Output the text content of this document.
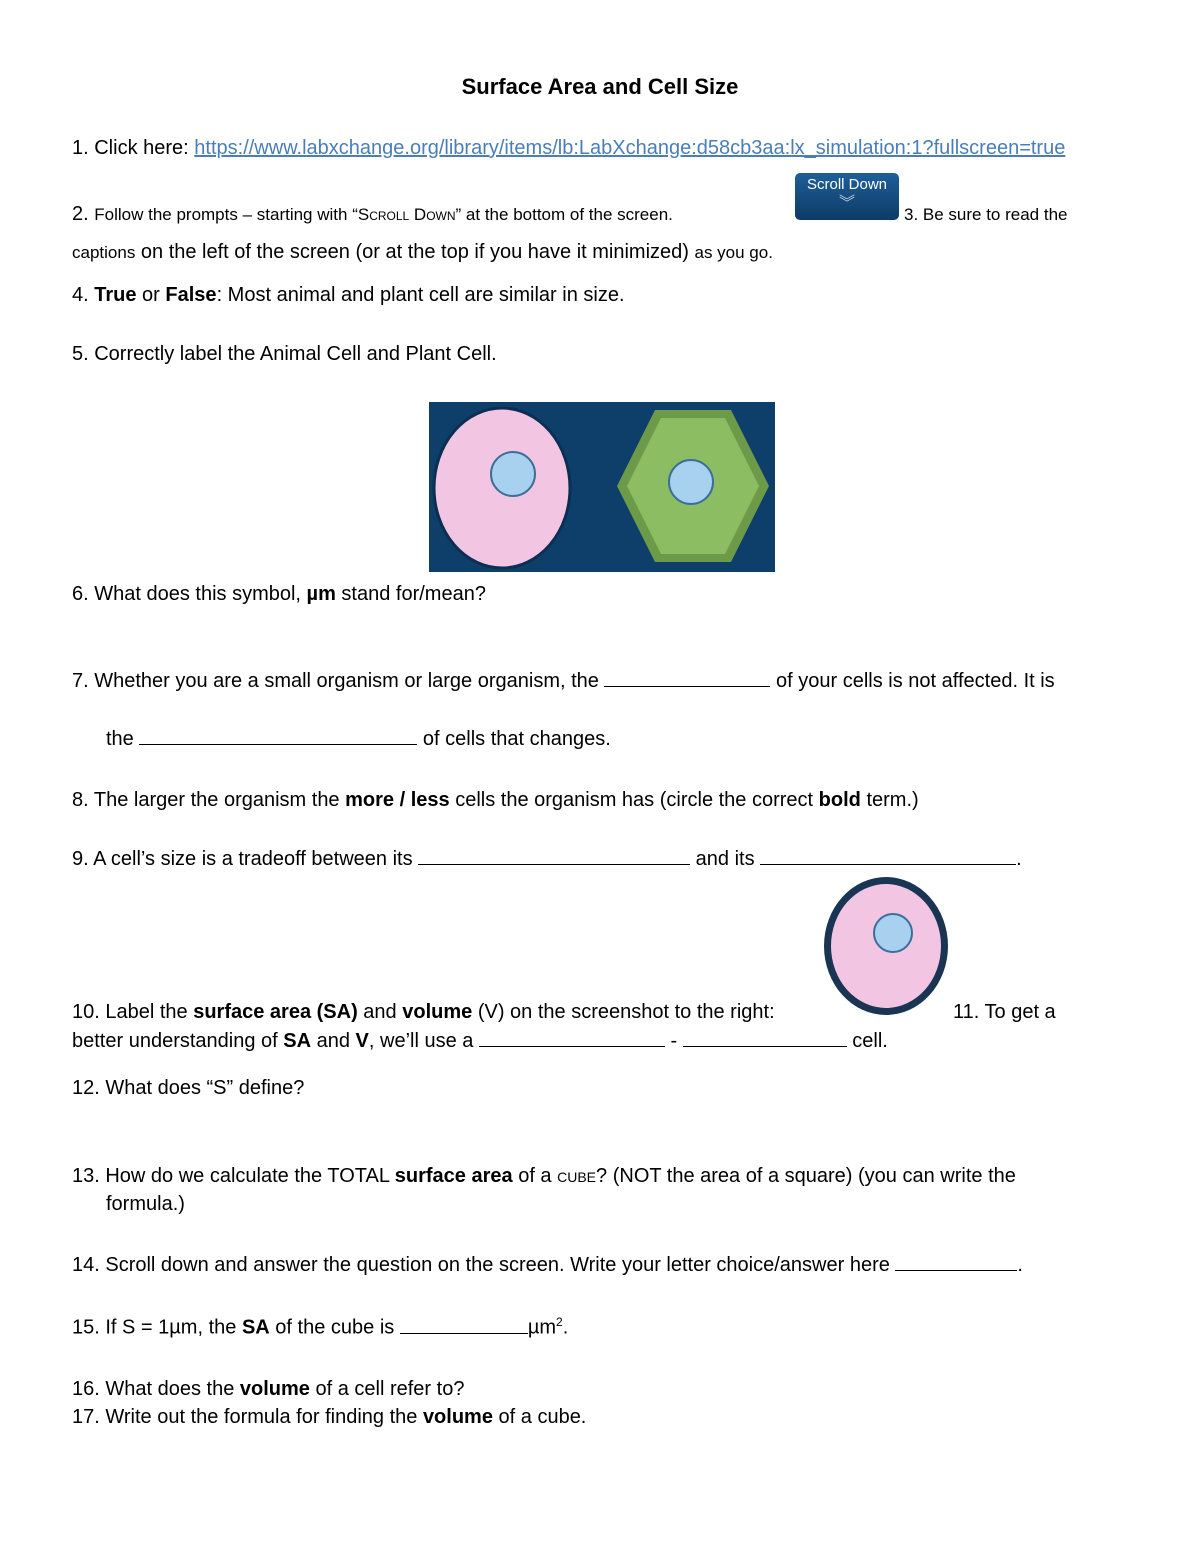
Surface Area and Cell Size
1. Click here: https://www.labxchange.org/library/items/lb:LabXchange:d58cb3aa:lx_simulation:1?fullscreen=true
2. Follow the prompts – starting with “Scroll Down” at the bottom of the screen.
Scroll Down
︾
3. Be sure to read the
captions on the left of the screen (or at the top if you have it minimized) as you go.
4. True or False: Most animal and plant cell are similar in size.
5. Correctly label the Animal Cell and Plant Cell.
6. What does this symbol, µm stand for/mean?
7. Whether you are a small organism or large organism, the	of your cells is not affected. It is
the	of cells that changes.
8. The larger the organism the more / less cells the organism has (circle the correct bold term.)
9. A cell’s size is a tradeoff between its	and its	.
10. Label the surface area (SA) and volume (V) on the screenshot to the right:	11. To get a
better understanding of SA and V, we’ll use a	-	cell.
12. What does “S” define?
13. How do we calculate the TOTAL surface area of a cube? (NOT the area of a square) (you can write the
formula.)
14. Scroll down and answer the question on the screen. Write your letter choice/answer here	.
15. If S = 1µm, the SA of the cube is	µm$^2$.
16. What does the volume of a cell refer to?
17. Write out the formula for finding the volume of a cube.
